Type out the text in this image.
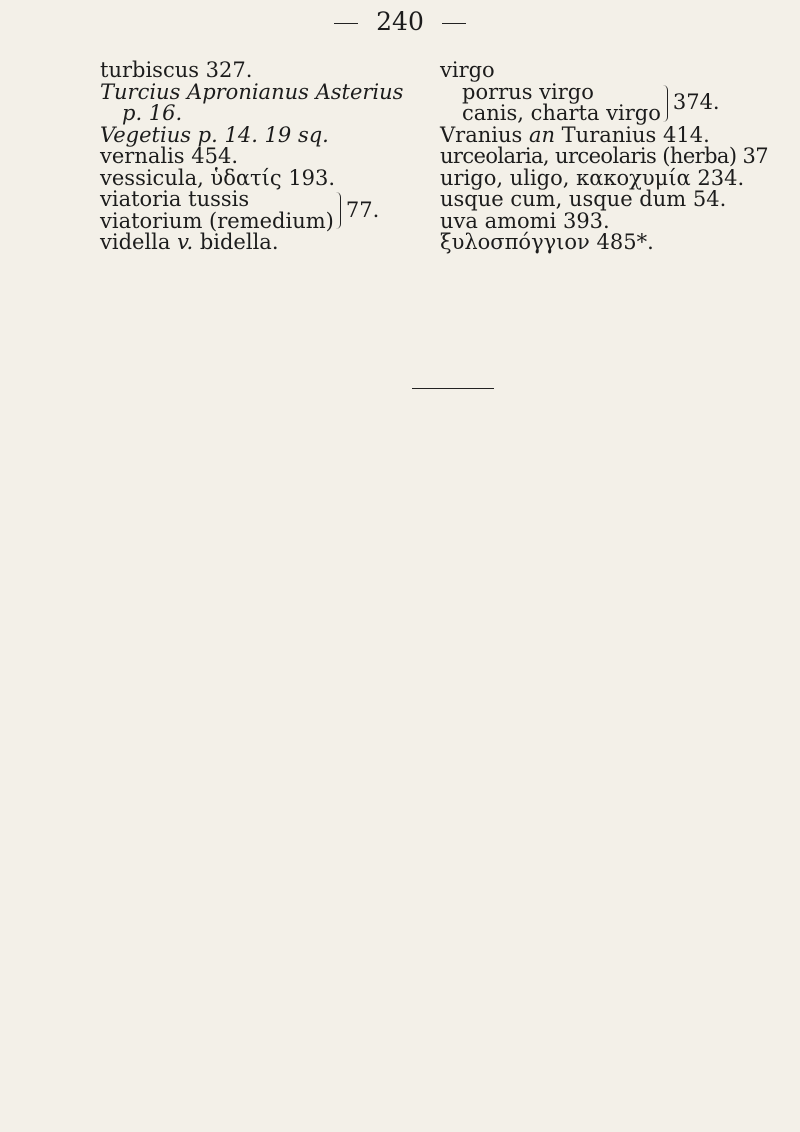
240
turbiscus 327.
Turcius Apronianus Asterius
p. 16.
Vegetius p. 14. 19 sq.
vernalis 454.
vessicula, ὑδατίς 193.
viatoria tussis
viatorium (remedium) 77.
vidella v. bidella.
virgo
porrus virgo
canis, charta virgo 374.
Vranius an Turanius 414.
urceolaria, urceolaris (herba) 37
urigo, uligo, κακοχυμία 234.
usque cum, usque dum 54.
uva amomi 393.
ξυλοσπόγγιον 485*.
